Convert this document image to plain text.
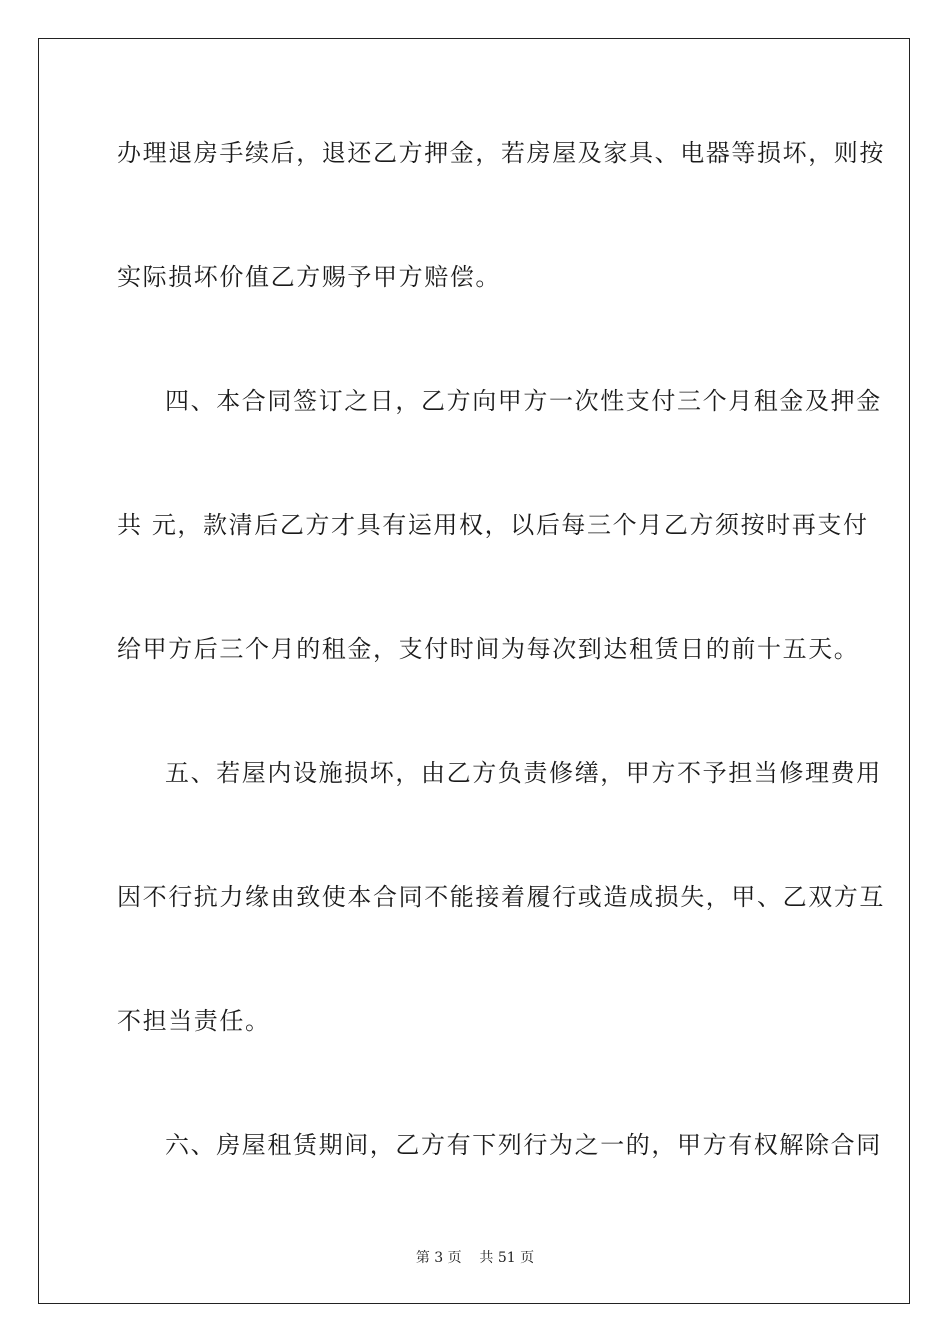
办理退房手续后，退还乙方押金，若房屋及家具、电器等损坏，则按
实际损坏价值乙方赐予甲方赔偿。
四、本合同签订之日，乙方向甲方一次性支付三个月租金及押金
共 元，款清后乙方才具有运用权，以后每三个月乙方须按时再支付
给甲方后三个月的租金，支付时间为每次到达租赁日的前十五天。
五、若屋内设施损坏，由乙方负责修缮，甲方不予担当修理费用
因不行抗力缘由致使本合同不能接着履行或造成损失，甲、乙双方互
不担当责任。
六、房屋租赁期间，乙方有下列行为之一的，甲方有权解除合同
第 3 页    共 51 页
